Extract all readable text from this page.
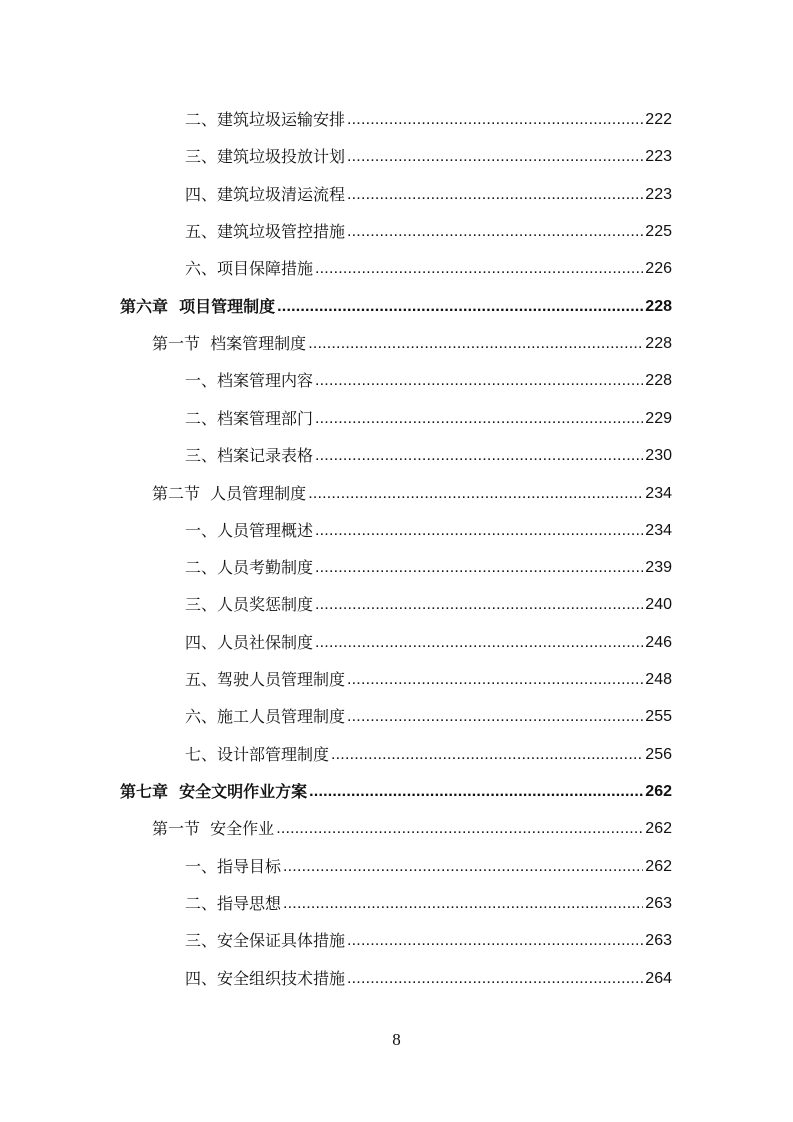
二、建筑垃圾运输安排 .....	222
三、建筑垃圾投放计划 .....	223
四、建筑垃圾清运流程 .....	223
五、建筑垃圾管控措施 .....	225
六、项目保障措施 .....	226
第六章  项目管理制度 .....	228
第一节  档案管理制度 .....	228
一、档案管理内容 .....	228
二、档案管理部门 .....	229
三、档案记录表格 .....	230
第二节  人员管理制度 .....	234
一、人员管理概述 .....	234
二、人员考勤制度 .....	239
三、人员奖惩制度 .....	240
四、人员社保制度 .....	246
五、驾驶人员管理制度 .....	248
六、施工人员管理制度 .....	255
七、设计部管理制度 .....	256
第七章  安全文明作业方案 .....	262
第一节  安全作业 .....	262
一、指导目标 .....	262
二、指导思想 .....	263
三、安全保证具体措施 .....	263
四、安全组织技术措施 .....	264
8
